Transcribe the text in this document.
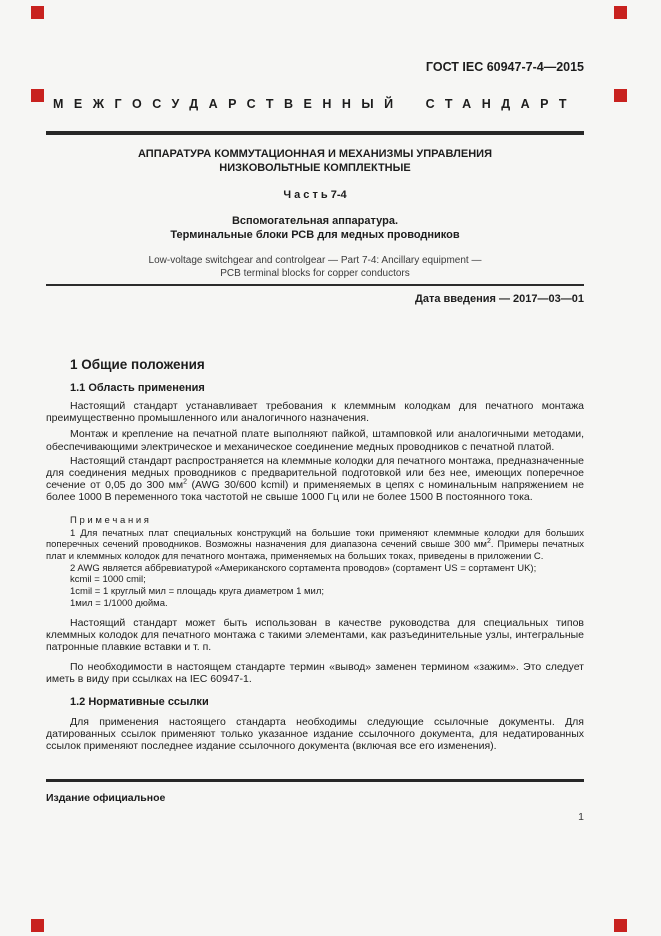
ГОСТ IEC 60947-7-4—2015
МЕЖГОСУДАРСТВЕННЫЙ СТАНДАРТ
АППАРАТУРА КОММУТАЦИОННАЯ И МЕХАНИЗМЫ УПРАВЛЕНИЯ
НИЗКОВОЛЬТНЫЕ КОМПЛЕКТНЫЕ
Ч а с т ь 7-4
Вспомогательная аппаратура.
Терминальные блоки РСВ для медных проводников
Low-voltage switchgear and controlgear — Part 7-4: Ancillary equipment —
PCB terminal blocks for copper conductors
Дата введения — 2017—03—01
1 Общие положения
1.1 Область применения

Настоящий стандарт устанавливает требования к клеммным колодкам для печатного монтажа преимущественно промышленного или аналогичного назначения.

Монтаж и крепление на печатной плате выполняют пайкой, штамповкой или аналогичными методами, обеспечивающими электрическое и механическое соединение медных проводников с печатной платой.

Настоящий стандарт распространяется на клеммные колодки для печатного монтажа, предназначенные для соединения медных проводников с предварительной подготовкой или без нее, имеющих поперечное сечение от 0,05 до 300 $мм^2$ (AWG 30/600 kcmil) и применяемых в цепях с номинальным напряжением не более 1000 В переменного тока частотой не свыше 1000 Гц или не более 1500 В постоянного тока.

П р и м е ч а н и я

1 Для печатных плат специальных конструкций на большие токи применяют клеммные колодки для больших поперечных сечений проводников. Возможны назначения для диапазона сечений свыше 300 $мм^2$. Примеры печатных плат и клеммных колодок для печатного монтажа, применяемых на больших токах, приведены в приложении С.

2 AWG является аббревиатурой «Американского сортамента проводов» (сортамент US = сортамент UK);

kcmil = 1000 cmil;

1cmil = 1 круглый мил = площадь круга диаметром 1 мил;

1мил = 1/1000 дюйма.

Настоящий стандарт может быть использован в качестве руководства для специальных типов клеммных колодок для печатного монтажа с такими элементами, как разъединительные узлы, интегральные патронные плавкие вставки и т. п.

По необходимости в настоящем стандарте термин «вывод» заменен термином «зажим». Это следует иметь в виду при ссылках на IEC 60947-1.

1.2 Нормативные ссылки

Для применения настоящего стандарта необходимы следующие ссылочные документы. Для датированных ссылок применяют только указанное издание ссылочного документа, для недатированных ссылок применяют последнее издание ссылочного документа (включая все его изменения).

Издание официальное
1
